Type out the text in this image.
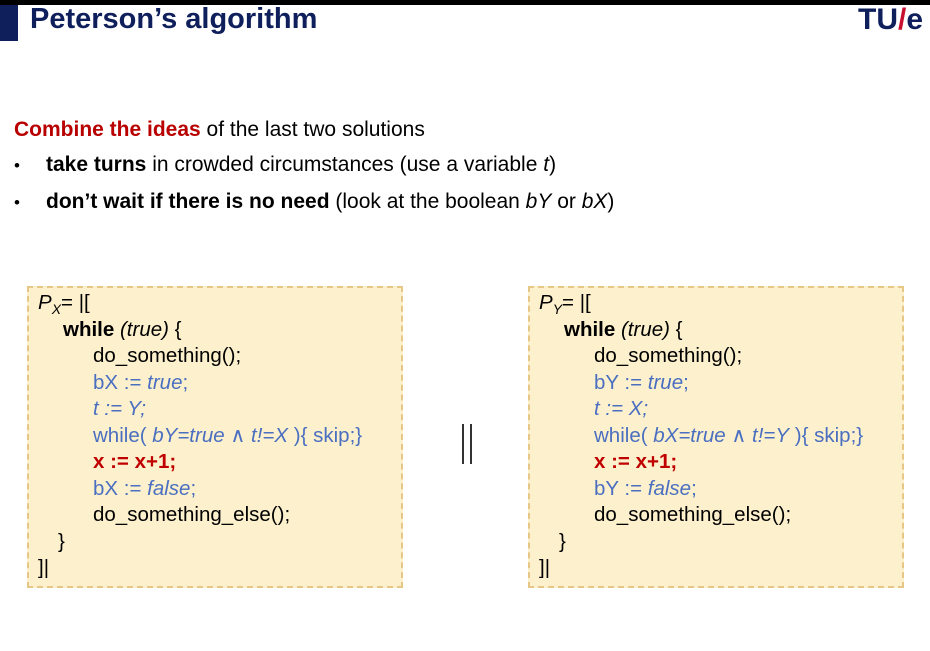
Peterson’s algorithm	TU/e
Combine the ideas of the last two solutions
• take turns in crowded circumstances (use a variable t)
• don’t wait if there is no need (look at the boolean bY or bX)
$P_X=$ |[
while (true) {
do_something();
bX := true;
t := Y;
while( bY=true ∧ t!=X ){ skip;}
x := x+1;
bX := false;
do_something_else();
}
]|
$P_Y=$ |[
while (true) {
do_something();
bY := true;
t := X;
while( bX=true ∧ t!=Y ){ skip;}
x := x+1;
bY := false;
do_something_else();
}
]|
